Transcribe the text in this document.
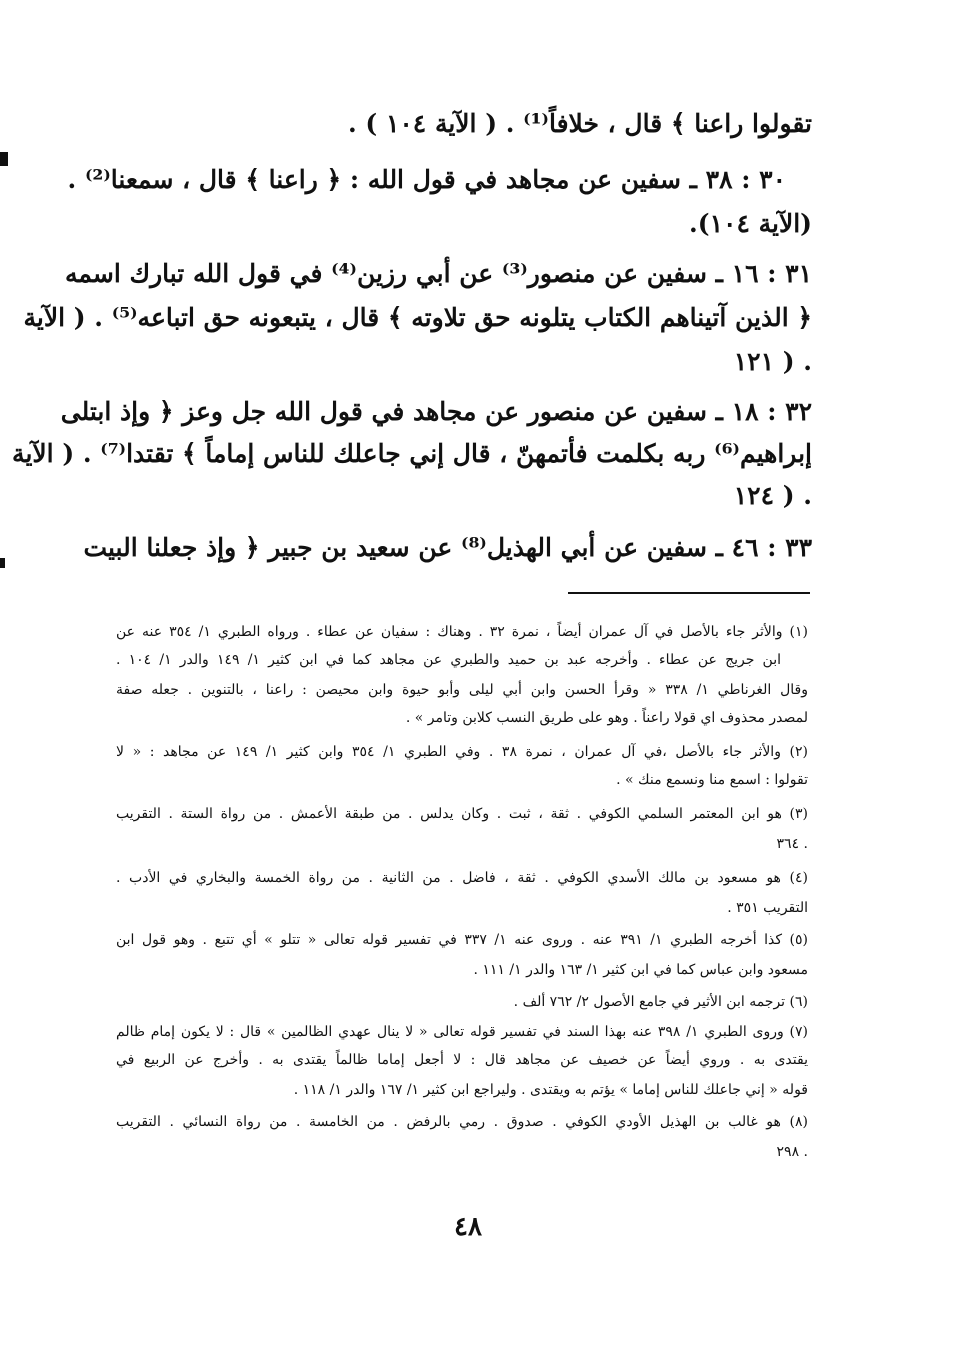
تقولوا راعنا ﴾ قال ، خلافاً⁽¹⁾ . ( الآية ١٠٤ ) .
٣٠ : ٣٨ ـ سفين عن مجاهد في قول الله : ﴿ راعنا ﴾ قال ، سمعنا⁽²⁾ .
(الآية ١٠٤).
٣١ : ١٦ ـ سفين عن منصور⁽³⁾ عن أبي رزين⁽⁴⁾ في قول الله تبارك اسمه
﴿ الذين آتيناهم الكتاب يتلونه حق تلاوته ﴾ قال ، يتبعونه حق اتباعه⁽⁵⁾ . ( الآية
. ( ١٢١
٣٢ : ١٨ ـ سفين عن منصور عن مجاهد في قول الله جل وعز ﴿ وإذ ابتلى
إبراهيم⁽⁶⁾ ربه بكلمت فأتمهنّ ، قال إني جاعلك للناس إماماً ﴾ تقتدا⁽⁷⁾ . ( الآية
. ( ١٢٤
٣٣ : ٤٦ ـ سفين عن أبي الهذيل⁽⁸⁾ عن سعيد بن جبير ﴿ وإذ جعلنا البيت
(١) والأثر جاء بالأصل في آل عمران أيضاً ، نمرة ٣٢ . وهناك : سفيان عن عطاء . ورواه الطبري ١/ ٣٥٤ عنه عن
ابن جريج عن عطاء . وأخرجه عبد بن حميد والطبري عن مجاهد كما في ابن كثير ١/ ١٤٩ والدر ١/ ١٠٤ .
وقال الغرناطي ١/ ٣٣٨ « وقرأ الحسن وابن أبي ليلى وأبو حيوة وابن محيصن : راعنا ، بالتنوين . جعله صفة
لمصدر محذوف اي قولا راعناً . وهو على طريق النسب كلابن وتامر » .
(٢) والأثر جاء بالأصل ،في آل عمران ، نمرة ٣٨ . وفي الطبري ١/ ٣٥٤ وابن كثير ١/ ١٤٩ عن مجاهد : « لا
تقولوا : اسمع منا ونسمع منك » .
(٣) هو ابن المعتمر السلمي الكوفي . ثقة ، ثبت . وكان يدلس . من طبقة الأعمش . من رواة الستة . التقريب
. ٣٦٤
(٤) هو مسعود بن مالك الأسدي الكوفي . ثقة ، فاضل . من الثانية . من رواة الخمسة والبخاري في الأدب .
التقريب ٣٥١ .
(٥) كذا أخرجه الطبري ١/ ٣٩١ عنه . وروى عنه ١/ ٣٣٧ في تفسير قوله تعالى « تتلو » أي تتبع . وهو قول ابن
مسعود وابن عباس كما في ابن كثير ١/ ١٦٣ والدر ١/ ١١١ .
(٦) ترجمه ابن الأثير في جامع الأصول ٢/ ٧٦٢ ألف .
(٧) وروى الطبري ١/ ٣٩٨ عنه بهذا السند في تفسير قوله تعالى « لا ينال عهدي الظالمين » قال : لا يكون إمام ظالم
يقتدى به . وروي أيضاً عن خصيف عن مجاهد قال : لا أجعل إماما ظالماً يقتدى به . وأخرج عن الربيع في
قوله « إني جاعلك للناس إماما » يؤتم به ويقتدى . وليراجع ابن كثير ١/ ١٦٧ والدر ١/ ١١٨ .
(٨) هو غالب بن الهذيل الأودي الكوفي . صدوق . رمي بالرفض . من الخامسة . من رواة النسائي . التقريب
. ٢٩٨
٤٨
